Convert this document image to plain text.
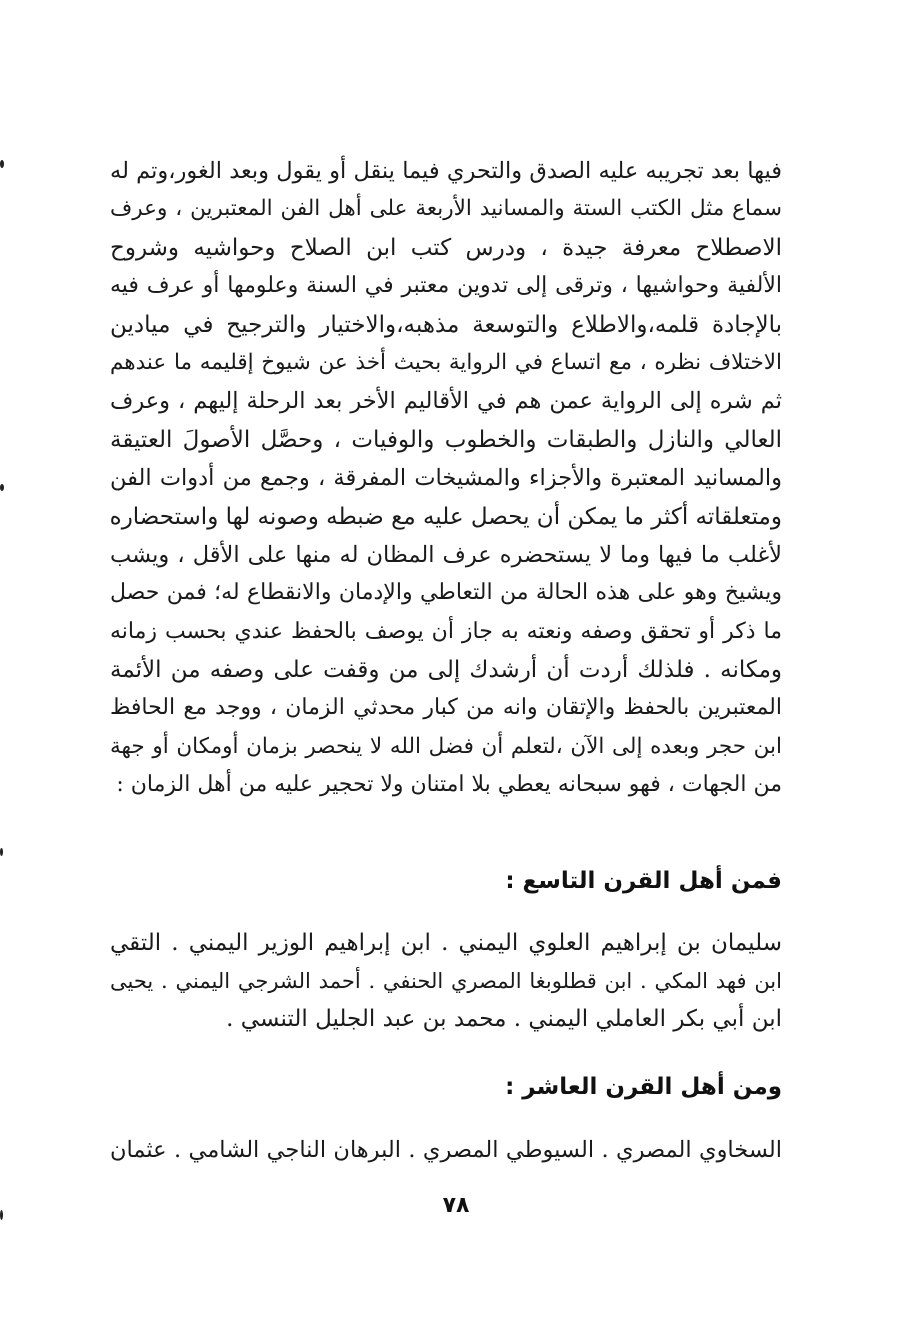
فيها بعد تجريبه عليه الصدق والتحري فيما ينقل أو يقول وبعد الغور،وتم له
سماع مثل الكتب الستة والمسانيد الأربعة على أهل الفن المعتبرين ، وعرف
الاصطلاح معرفة جيدة ، ودرس كتب ابن الصلاح وحواشيه وشروح
الألفية وحواشيها ، وترقى إلى تدوين معتبر في السنة وعلومها أو عرف فيه
بالإجادة قلمه،والاطلاع والتوسعة مذهبه،والاختيار والترجيح في ميادين
الاختلاف نظره ، مع اتساع في الرواية بحيث أخذ عن شيوخ إقليمه ما عندهم
ثم شره إلى الرواية عمن هم في الأقاليم الأخر بعد الرحلة إليهم ، وعرف
العالي والنازل والطبقات والخطوب والوفيات ، وحصَّل الأصولَ العتيقة
والمسانيد المعتبرة والأجزاء والمشيخات المفرقة ، وجمع من أدوات الفن
ومتعلقاته أكثر ما يمكن أن يحصل عليه مع ضبطه وصونه لها واستحضاره
لأغلب ما فيها وما لا يستحضره عرف المظان له منها على الأقل ، ويشب
ويشيخ وهو على هذه الحالة من التعاطي والإدمان والانقطاع له؛ فمن حصل
ما ذكر أو تحقق وصفه ونعته به جاز أن يوصف بالحفظ عندي بحسب زمانه
ومكانه . فلذلك أردت أن أرشدك إلى من وقفت على وصفه من الأئمة
المعتبرين بالحفظ والإتقان وانه من كبار محدثي الزمان ، ووجد مع الحافظ
ابن حجر وبعده إلى الآن ،لتعلم أن فضل الله لا ينحصر بزمان أومكان أو جهة
من الجهات ، فهو سبحانه يعطي بلا امتنان ولا تحجير عليه من أهل الزمان :
فمن أهل القرن التاسع :
سليمان بن إبراهيم العلوي اليمني . ابن إبراهيم الوزير اليمني . التقي
ابن فهد المكي . ابن قطلوبغا المصري الحنفي . أحمد الشرجي اليمني . يحيى
ابن أبي بكر العاملي اليمني . محمد بن عبد الجليل التنسي .
ومن أهل القرن العاشر :
السخاوي المصري . السيوطي المصري . البرهان الناجي الشامي . عثمان
٧٨
